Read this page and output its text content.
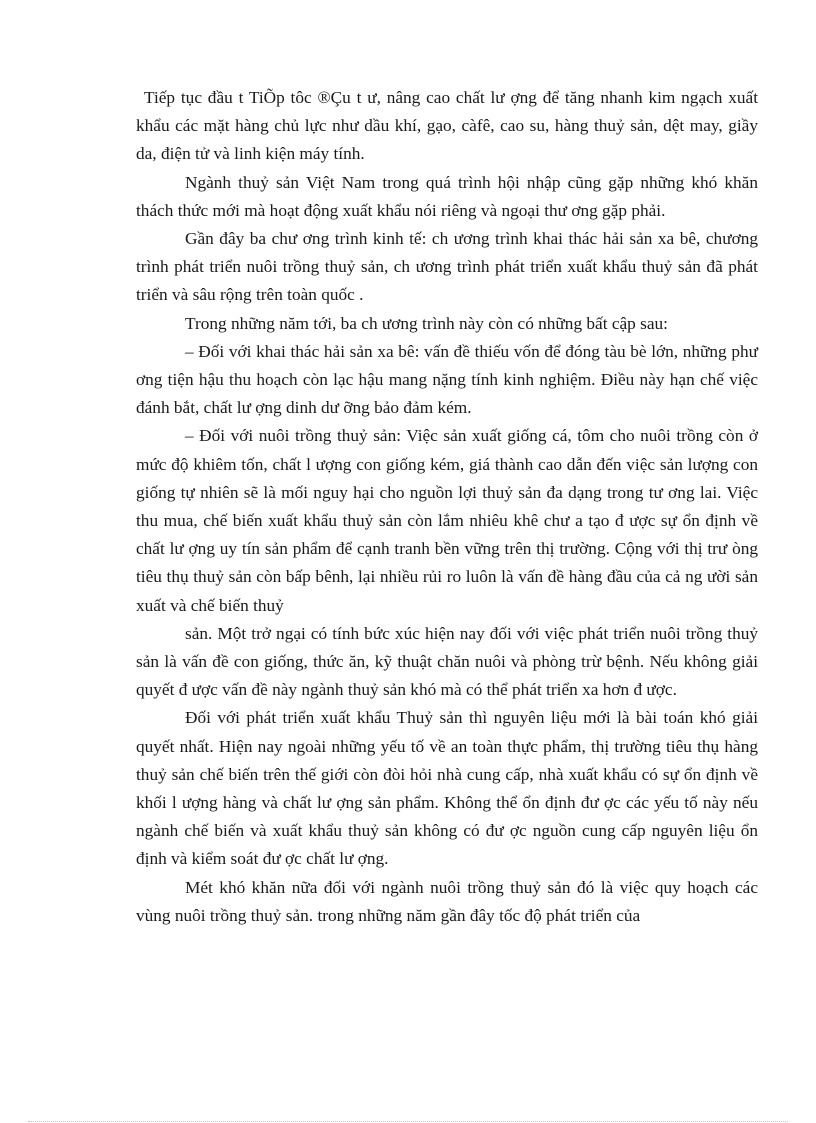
Tiếp tục đầu t TiÕp tôc ®Çu t ư, nâng cao chất lư ợng để tăng nhanh kim ngạch xuất khẩu các mặt hàng chủ lực như dầu khí, gạo, càfê, cao su, hàng thuỷ sản, dệt may, giầy da, điện tử và linh kiện máy tính.

Ngành thuỷ sản Việt Nam trong quá trình hội nhập cũng gặp những khó khăn thách thức mới mà hoạt động xuất khẩu nói riêng và ngoại thư ơng gặp phải.

Gần đây ba chư ơng trình kinh tế: ch ương trình khai thác hải sản xa bê, chương trình phát triển nuôi trồng thuỷ sản, ch ương trình phát triển xuất khẩu thuỷ sản đã phát triển và sâu rộng trên toàn quốc .

Trong những năm tới, ba ch ương trình này còn có những bất cập sau:

– Đối với khai thác hải sản xa bê: vấn đề thiếu vốn để đóng tàu bè lớn, những phư ơng tiện hậu thu hoạch còn lạc hậu mang nặng tính kinh nghiệm. Điều này hạn chế việc đánh bắt, chất lư ợng dinh dư ỡng bảo đảm kém.

– Đối với nuôi trồng thuỷ sản: Việc sản xuất giống cá, tôm cho nuôi trồng còn ở mức độ khiêm tốn, chất l ượng con giống kém, giá thành cao dẫn đến việc sản lượng con giống tự nhiên sẽ là mối nguy hại cho nguồn lợi thuỷ sản đa dạng trong tư ơng lai. Việc thu mua, chế biến xuất khẩu thuỷ sản còn lắm nhiêu khê chư a tạo đ ược sự ổn định về chất lư ợng uy tín sản phẩm để cạnh tranh bền vững trên thị trường. Cộng với thị trư òng tiêu thụ thuỷ sản còn bấp bênh, lại nhiều rủi ro luôn là vấn đề hàng đầu của cả ng ười sản xuất và chế biến thuỷ

sản. Một trở ngại có tính bức xúc hiện nay đối với việc phát triển nuôi trồng thuỷ sản là vấn đề con giống, thức ăn, kỹ thuật chăn nuôi và phòng trừ bệnh. Nếu không giải quyết đ ược vấn đề này ngành thuỷ sản khó mà có thể phát triển xa hơn đ ược.

Đối với phát triển xuất khẩu Thuỷ sản thì nguyên liệu mới là bài toán khó giải quyết nhất. Hiện nay ngoài những yếu tố về an toàn thực phẩm, thị trường tiêu thụ hàng thuỷ sản chế biến trên thế giới còn đòi hỏi nhà cung cấp, nhà xuất khẩu có sự ổn định về khối l ượng hàng và chất lư ợng sản phẩm. Không thể ổn định đư ợc các yếu tố này nếu ngành chế biến và xuất khẩu thuỷ sản không có đư ợc nguồn cung cấp nguyên liệu ổn định và kiểm soát đư ợc chất lư ợng.

Mét khó khăn nữa đối với ngành nuôi trồng thuỷ sản đó là việc quy hoạch các vùng nuôi trồng thuỷ sản. trong những năm gần đây tốc độ phát triển của
